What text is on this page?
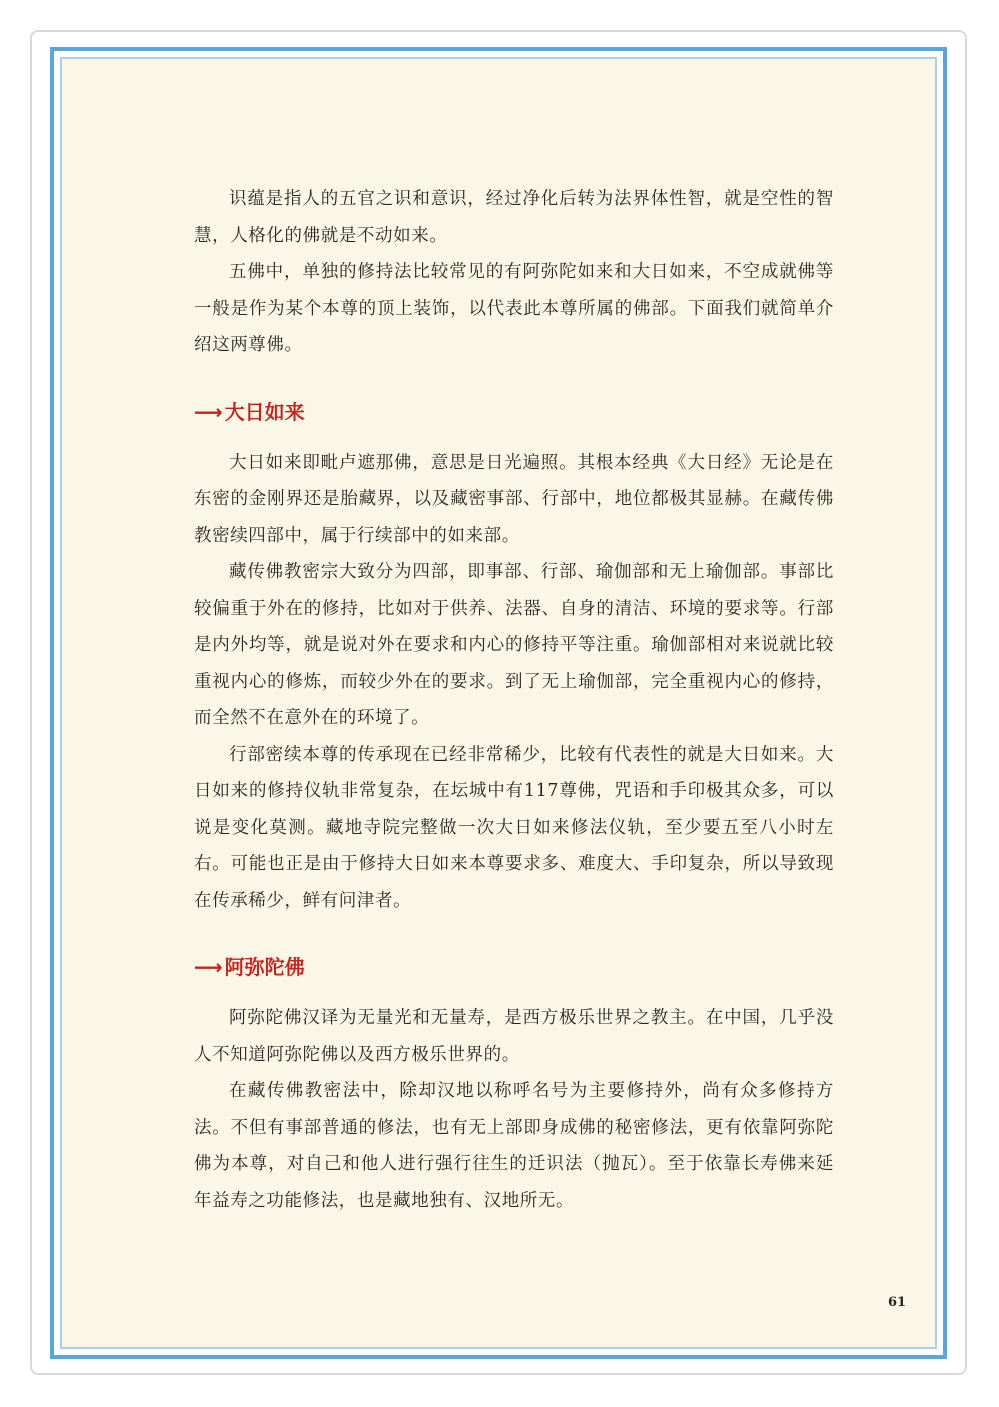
识蕴是指人的五官之识和意识，经过净化后转为法界体性智，就是空性的智慧，人格化的佛就是不动如来。

五佛中，单独的修持法比较常见的有阿弥陀如来和大日如来，不空成就佛等一般是作为某个本尊的顶上装饰，以代表此本尊所属的佛部。下面我们就简单介绍这两尊佛。

⟶ 大日如来

大日如来即毗卢遮那佛，意思是日光遍照。其根本经典《大日经》无论是在东密的金刚界还是胎藏界，以及藏密事部、行部中，地位都极其显赫。在藏传佛教密续四部中，属于行续部中的如来部。

藏传佛教密宗大致分为四部，即事部、行部、瑜伽部和无上瑜伽部。事部比较偏重于外在的修持，比如对于供养、法器、自身的清洁、环境的要求等。行部是内外均等，就是说对外在要求和内心的修持平等注重。瑜伽部相对来说就比较重视内心的修炼，而较少外在的要求。到了无上瑜伽部，完全重视内心的修持，而全然不在意外在的环境了。

行部密续本尊的传承现在已经非常稀少，比较有代表性的就是大日如来。大日如来的修持仪轨非常复杂，在坛城中有117尊佛，咒语和手印极其众多，可以说是变化莫测。藏地寺院完整做一次大日如来修法仪轨，至少要五至八小时左右。可能也正是由于修持大日如来本尊要求多、难度大、手印复杂，所以导致现在传承稀少，鲜有问津者。

⟶ 阿弥陀佛

阿弥陀佛汉译为无量光和无量寿，是西方极乐世界之教主。在中国，几乎没人不知道阿弥陀佛以及西方极乐世界的。

在藏传佛教密法中，除却汉地以称呼名号为主要修持外，尚有众多修持方法。不但有事部普通的修法，也有无上部即身成佛的秘密修法，更有依靠阿弥陀佛为本尊，对自己和他人进行强行往生的迁识法（抛瓦）。至于依靠长寿佛来延年益寿之功能修法，也是藏地独有、汉地所无。

61
